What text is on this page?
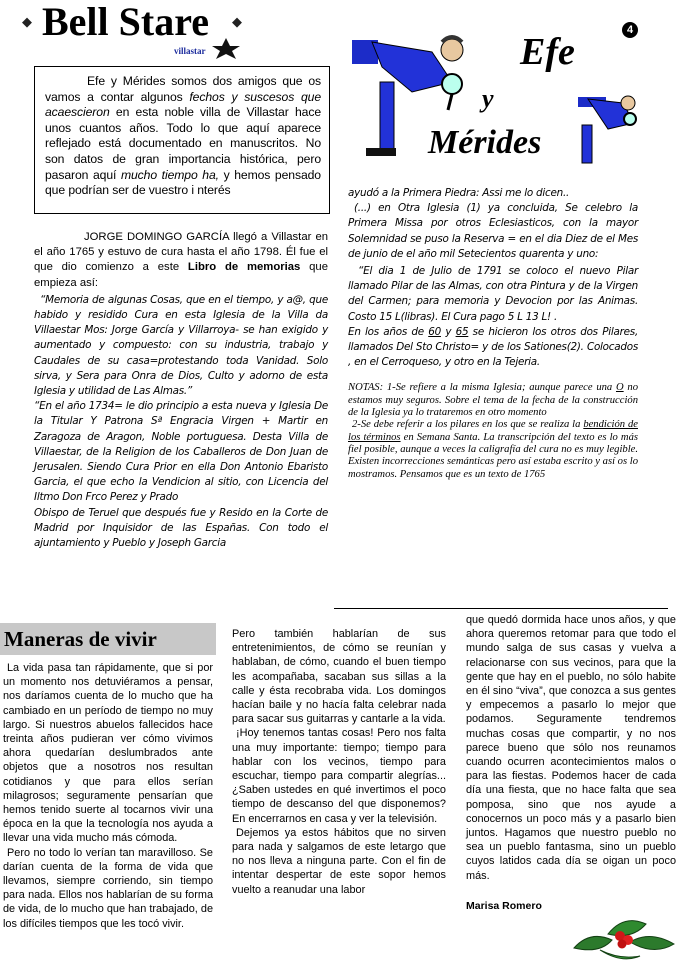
◆ Bell Stare ◆
villastar
4
Efe
y
Mérides

Efe y Mérides somos dos amigos que os vamos a contar algunos fechos y suscesos que acaescieron en esta noble villa de Villastar hace unos cuantos años. Todo lo que aquí aparece reflejado está documentado en manuscritos. No son datos de gran importancia histórica, pero pasaron aquí mucho tiempo ha, y hemos pensado que podrían ser de vuestro i nterés

JORGE DOMINGO GARCÍA llegó a Villastar en el año 1765 y estuvo de cura hasta el año 1798. Él fue el que dio comienzo a este Libro de memorias que empieza así:

“Memoria de algunas Cosas, que en el tiempo, y a@, que habido y residido Cura en esta Iglesia de la Villa da Villaestar Mos: Jorge García y Villarroya- se han exigido y aumentado y compuesto: con su industria, trabajo y Caudales de su casa=protestando toda Vanidad. Solo sirva, y Sera para Onra de Dios, Culto y adorno de esta Iglesia y utilidad de Las Almas.”

“En el año 1734= le dio principio a esta nueva y Iglesia De la Titular Y Patrona Sª Engracia Virgen + Martir en Zaragoza de Aragon, Noble portuguesa. Desta Villa de Villaestar, de la Religion de los Caballeros de Don Juan de Jerusalen. Siendo Cura Prior en ella Don Antonio Ebaristo Garcia, el que echo la Vendicion al sitio, con Licencia del Iltmo Don Frco Perez y Prado

Obispo de Teruel que después fue y Resido en la Corte de Madrid por Inquisidor de las Españas. Con todo el ajuntamiento y Pueblo y Joseph Garcia

ayudó a la Primera Piedra: Assi me lo dicen..

(...) en Otra Iglesia (1) ya concluida, Se celebro la Primera Missa por otros Eclesiasticos, con la mayor Solemnidad se puso la Reserva = en el dia Diez de el Mes de junio de el año mil Setecientos quarenta y uno:

“El dia 1 de Julio de 1791 se coloco el nuevo Pilar llamado Pilar de las Almas, con otra Pintura y de la Virgen del Carmen; para memoria y Devocion por las Animas. Costo 15 L(libras). El Cura pago 5 L 13 L! .

En los años de 60 y 65 se hicieron los otros dos Pilares, llamados Del Sto Christo= y de los Sationes(2). Colocados , en el Cerroqueso, y otro en la Tejeria.

NOTAS: 1-Se refiere a la misma Iglesia; aunque parece una O no estamos muy seguros. Sobre el tema de la fecha de la construcción de la Iglesia ya lo trataremos en otro momento

2-Se debe referir a los pilares en los que se realiza la bendición de los términos en Semana Santa. La transcripción del texto es lo más fiel posible, aunque a veces la caligrafía del cura no es muy legible. Existen incorrecciones semánticas pero así estaba escrito y así os lo mostramos. Pensamos que es un texto de 1765

Maneras de vivir

La vida pasa tan rápidamente, que si por un momento nos detuviéramos a pensar, nos daríamos cuenta de lo mucho que ha cambiado en un período de tiempo no muy largo. Si nuestros abuelos fallecidos hace treinta años pudieran ver cómo vivimos ahora quedarían deslumbrados ante objetos que a nosotros nos resultan cotidianos y que para ellos serían milagrosos; seguramente pensarían que hemos tenido suerte al tocarnos vivir una época en la que la tecnología nos ayuda a llevar una vida mucho más cómoda.

Pero no todo lo verían tan maravilloso. Se darían cuenta de la forma de vida que llevamos, siempre corriendo, sin tiempo para nada. Ellos nos hablarían de su forma de vida, de lo mucho que han trabajado, de los difíciles tiempos que les tocó vivir.

Pero también hablarían de sus entretenimientos, de cómo se reunían y hablaban, de cómo, cuando el buen tiempo les acompañaba, sacaban sus sillas a la calle y ésta recobraba vida. Los domingos hacían baile y no hacía falta celebrar nada para sacar sus guitarras y cantarle a la vida.

¡Hoy tenemos tantas cosas! Pero nos falta una muy importante: tiempo; tiempo para hablar con los vecinos, tiempo para escuchar, tiempo para compartir alegrías... ¿Saben ustedes en qué invertimos el poco tiempo de descanso del que disponemos? En encerrarnos en casa y ver la televisión.

Dejemos ya estos hábitos que no sirven para nada y salgamos de este letargo que no nos lleva a ninguna parte. Con el fin de intentar despertar de este sopor hemos vuelto a reanudar una labor

que quedó dormida hace unos años, y que ahora queremos retomar para que todo el mundo salga de sus casas y vuelva a relacionarse con sus vecinos, para que la gente que hay en el pueblo, no sólo habite en él sino “viva”, que conozca a sus gentes y empecemos a pasarlo lo mejor que podamos. Seguramente tendremos muchas cosas que compartir, y no nos parece bueno que sólo nos reunamos cuando ocurren acontecimientos malos o para las fiestas. Podemos hacer de cada día una fiesta, que no hace falta que sea pomposa, sino que nos ayude a conocernos un poco más y a pasarlo bien juntos. Hagamos que nuestro pueblo no sea un pueblo fantasma, sino un pueblo cuyos latidos cada día se oigan un poco más.

Marisa Romero
